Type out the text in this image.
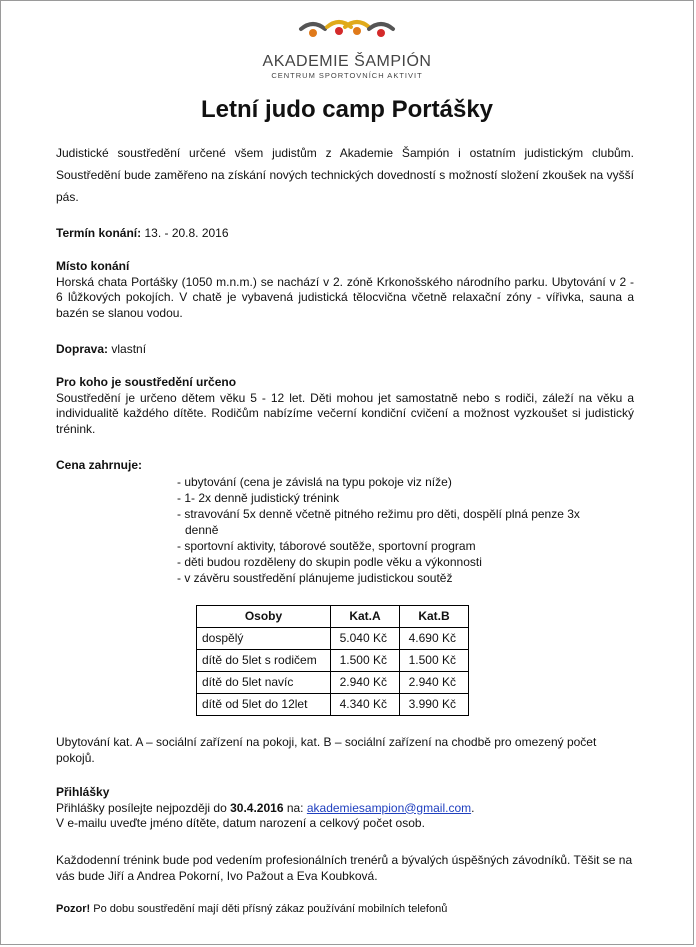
AKADEMIE ŠAMPIÓN
CENTRUM SPORTOVNÍCH AKTIVIT
Letní judo camp Portášky
Judistické soustředění určené všem judistům z Akademie Šampión i ostatním judistickým clubům. Soustředění bude zaměřeno na získání nových technických dovedností s možností složení zkoušek na vyšší pás.
Termín konání: 13. - 20.8. 2016
Místo konání
Horská chata Portášky (1050 m.n.m.) se nachází v 2. zóně Krkonošského národního parku. Ubytování v 2 - 6 lůžkových pokojích. V chatě je vybavená judistická tělocvična včetně relaxační zóny - vířivka, sauna a bazén se slanou vodou.
Doprava: vlastní
Pro koho je soustředění určeno
Soustředění je určeno dětem věku 5 - 12 let. Děti mohou jet samostatně nebo s rodiči, záleží na věku a individualitě každého dítěte. Rodičům nabízíme večerní kondiční cvičení a možnost vyzkoušet si judistický trénink.
Cena zahrnuje:
- ubytování (cena je závislá na typu pokoje viz níže)
- 1- 2x denně judistický trénink
- stravování 5x denně včetně pitného režimu pro děti, dospělí plná penze 3x
denně
- sportovní aktivity, táborové soutěže, sportovní program
- děti budou rozděleny do skupin podle věku a výkonnosti
- v závěru soustředění plánujeme judistickou soutěž
Osoby	Kat.A	Kat.B
dospělý	5.040 Kč	4.690 Kč
dítě do 5let s rodičem	1.500 Kč	1.500 Kč
dítě do 5let navíc	2.940 Kč	2.940 Kč
dítě od 5let do 12let	4.340 Kč	3.990 Kč
Ubytování kat. A – sociální zařízení na pokoji, kat. B – sociální zařízení na chodbě pro omezený počet pokojů.
Přihlášky
Přihlášky posílejte nejpozději do 30.4.2016 na: akademiesampion@gmail.com.
V e-mailu uveďte jméno dítěte, datum narození a celkový počet osob.
Každodenní trénink bude pod vedením profesionálních trenérů a bývalých úspěšných závodníků. Těšit se na vás bude Jiří a Andrea Pokorní, Ivo Pažout a Eva Koubková.
Pozor! Po dobu soustředění mají děti přísný zákaz používání mobilních telefonů
